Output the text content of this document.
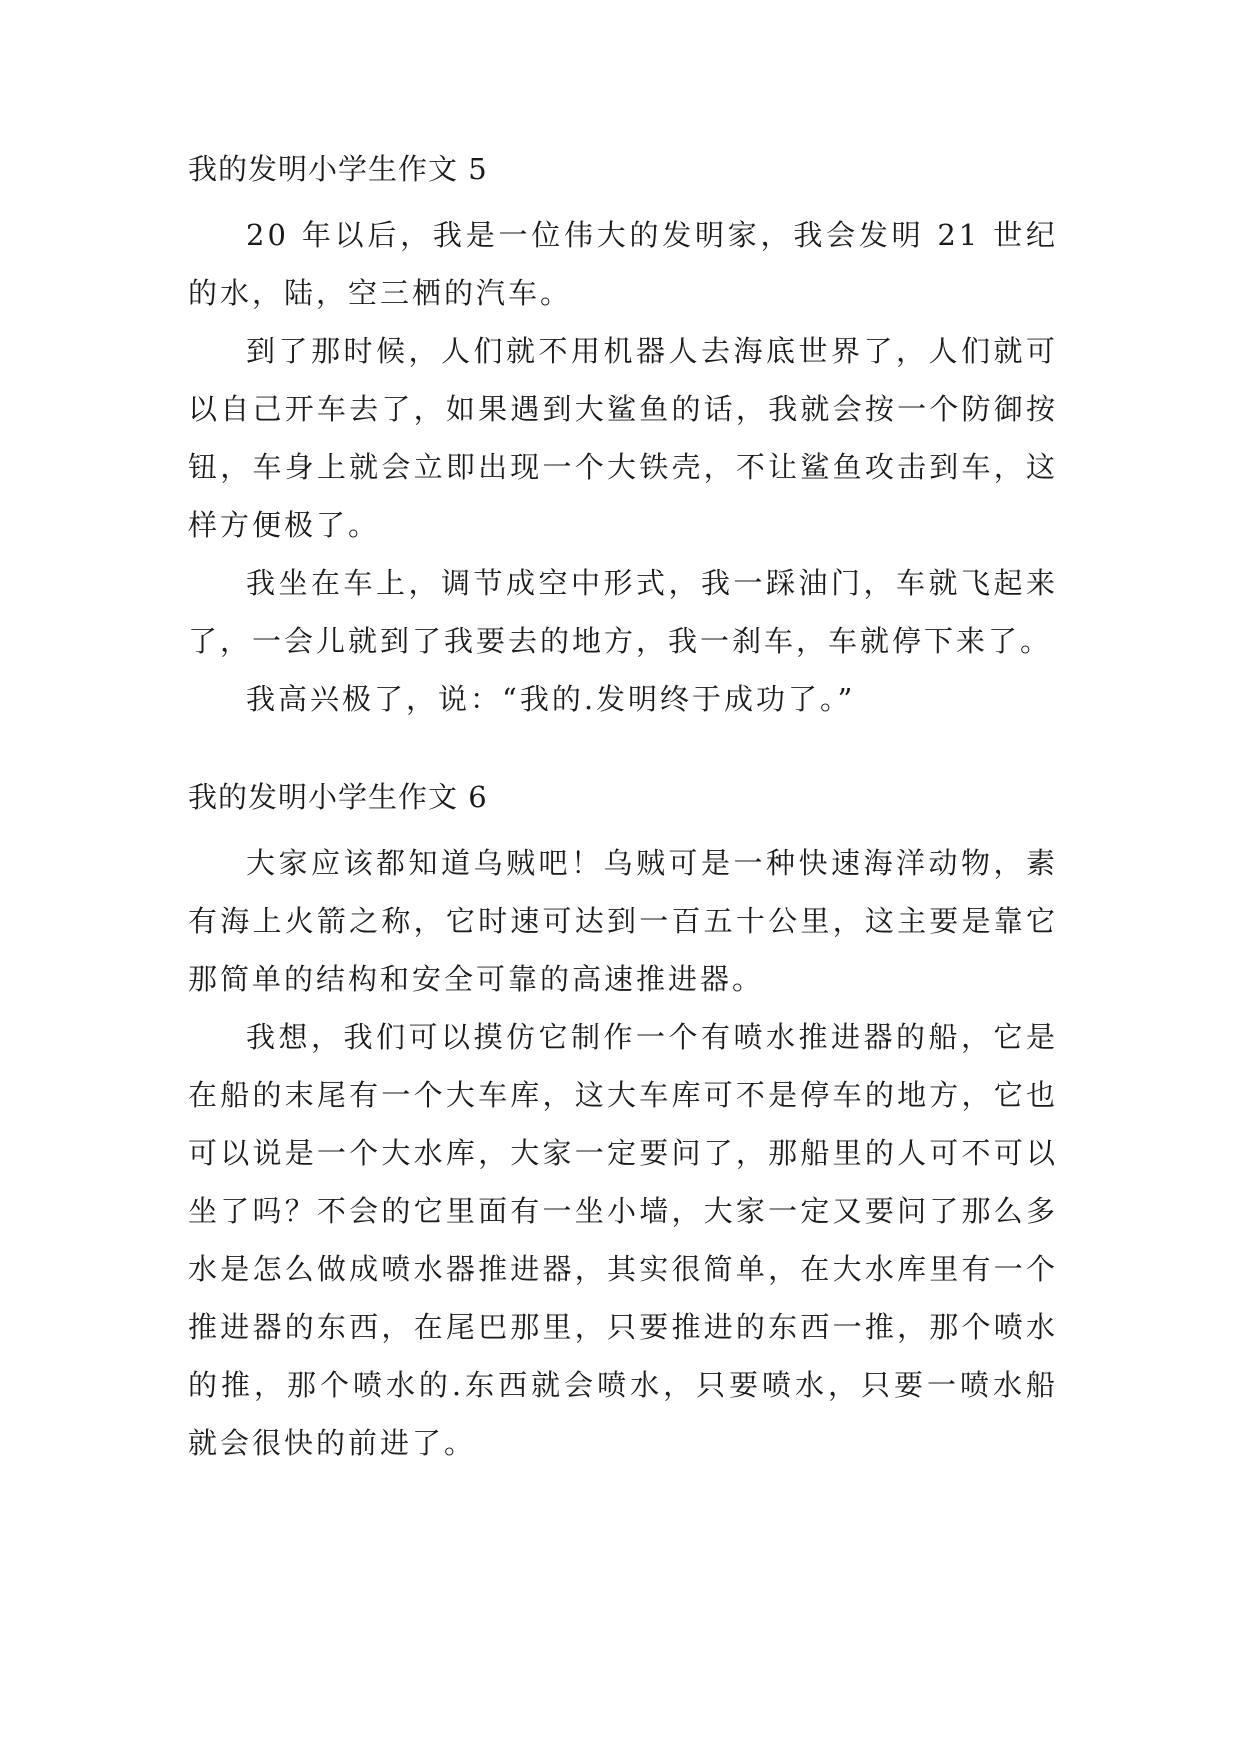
我的发明小学生作文 5

20 年以后，我是一位伟大的发明家，我会发明 21 世纪的水，陆，空三栖的汽车。

到了那时候，人们就不用机器人去海底世界了，人们就可以自己开车去了，如果遇到大鲨鱼的话，我就会按一个防御按钮，车身上就会立即出现一个大铁壳，不让鲨鱼攻击到车，这样方便极了。

我坐在车上，调节成空中形式，我一踩油门，车就飞起来了，一会儿就到了我要去的地方，我一刹车，车就停下来了。

我高兴极了，说：“我的.发明终于成功了。”

我的发明小学生作文 6

大家应该都知道乌贼吧！乌贼可是一种快速海洋动物，素有海上火箭之称，它时速可达到一百五十公里，这主要是靠它那简单的结构和安全可靠的高速推进器。

我想，我们可以摸仿它制作一个有喷水推进器的船，它是在船的末尾有一个大车库，这大车库可不是停车的地方，它也可以说是一个大水库，大家一定要问了，那船里的人可不可以坐了吗？不会的它里面有一坐小墙，大家一定又要问了那么多水是怎么做成喷水器推进器，其实很简单，在大水库里有一个推进器的东西，在尾巴那里，只要推进的东西一推，那个喷水的推，那个喷水的.东西就会喷水，只要喷水，只要一喷水船就会很快的前进了。
